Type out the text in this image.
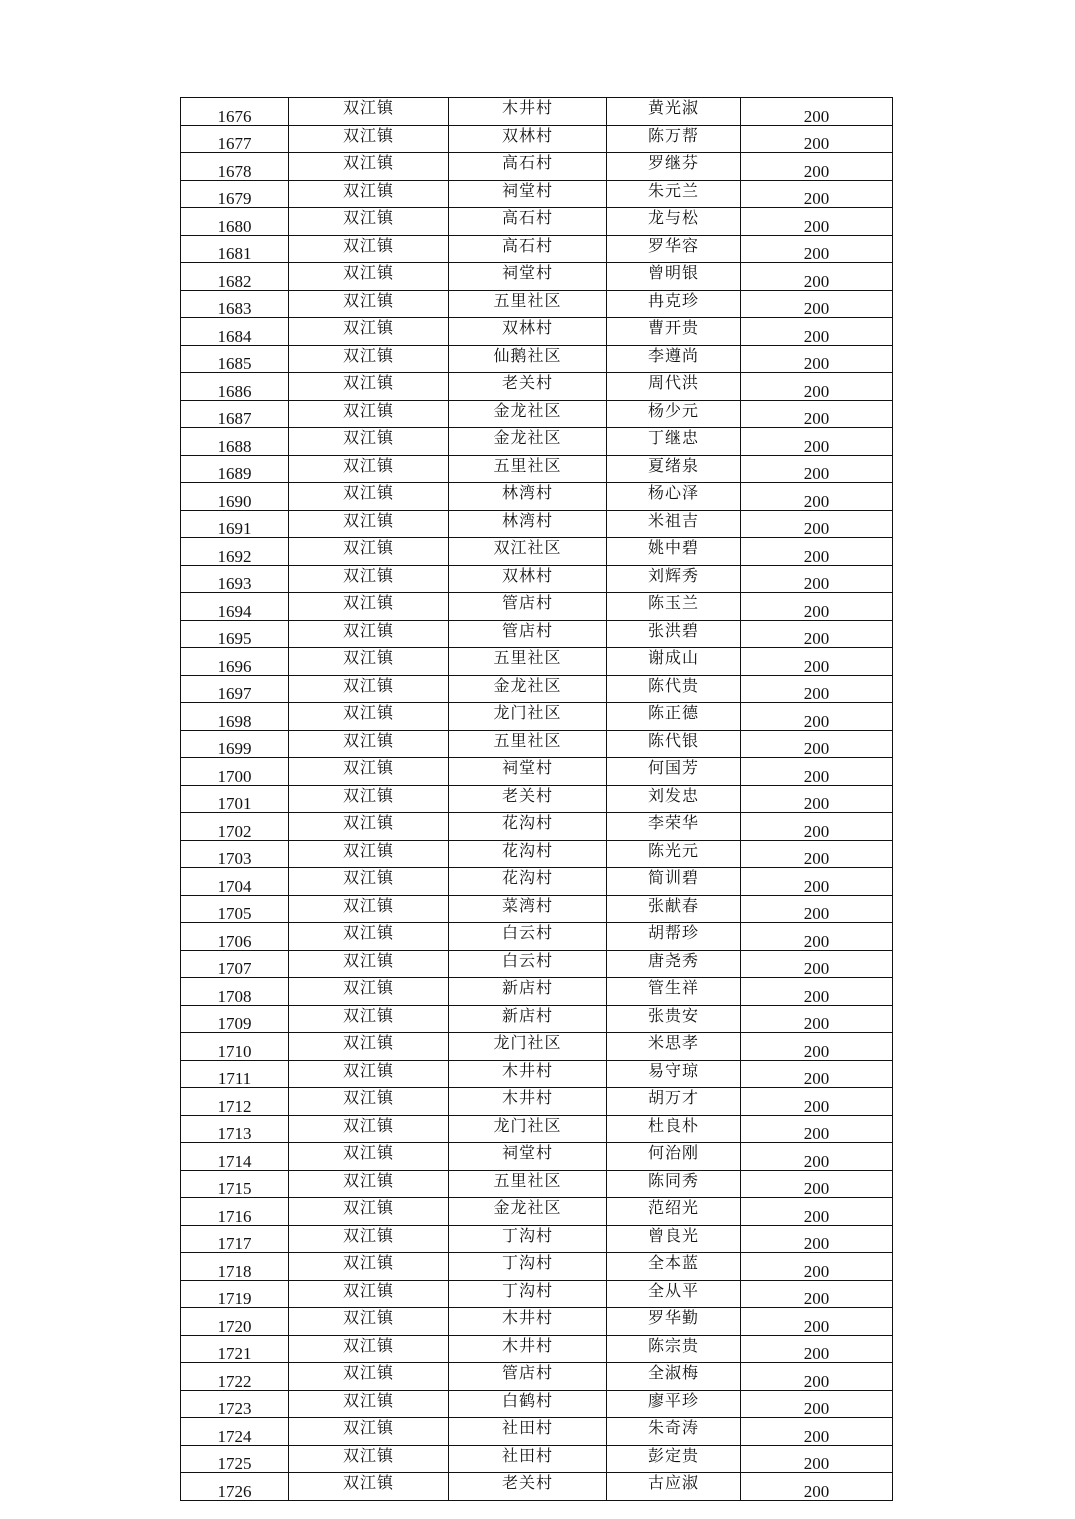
1676	双江镇	木井村	黄光淑	200
1677	双江镇	双林村	陈万帮	200
1678	双江镇	高石村	罗继芬	200
1679	双江镇	祠堂村	朱元兰	200
1680	双江镇	高石村	龙与松	200
1681	双江镇	高石村	罗华容	200
1682	双江镇	祠堂村	曾明银	200
1683	双江镇	五里社区	冉克珍	200
1684	双江镇	双林村	曹开贵	200
1685	双江镇	仙鹅社区	李遵尚	200
1686	双江镇	老关村	周代洪	200
1687	双江镇	金龙社区	杨少元	200
1688	双江镇	金龙社区	丁继忠	200
1689	双江镇	五里社区	夏绪泉	200
1690	双江镇	林湾村	杨心泽	200
1691	双江镇	林湾村	米祖吉	200
1692	双江镇	双江社区	姚中碧	200
1693	双江镇	双林村	刘辉秀	200
1694	双江镇	管店村	陈玉兰	200
1695	双江镇	管店村	张洪碧	200
1696	双江镇	五里社区	谢成山	200
1697	双江镇	金龙社区	陈代贵	200
1698	双江镇	龙门社区	陈正德	200
1699	双江镇	五里社区	陈代银	200
1700	双江镇	祠堂村	何国芳	200
1701	双江镇	老关村	刘发忠	200
1702	双江镇	花沟村	李荣华	200
1703	双江镇	花沟村	陈光元	200
1704	双江镇	花沟村	简训碧	200
1705	双江镇	菜湾村	张献春	200
1706	双江镇	白云村	胡帮珍	200
1707	双江镇	白云村	唐尧秀	200
1708	双江镇	新店村	管生祥	200
1709	双江镇	新店村	张贵安	200
1710	双江镇	龙门社区	米思孝	200
1711	双江镇	木井村	易守琼	200
1712	双江镇	木井村	胡万才	200
1713	双江镇	龙门社区	杜良朴	200
1714	双江镇	祠堂村	何治刚	200
1715	双江镇	五里社区	陈同秀	200
1716	双江镇	金龙社区	范绍光	200
1717	双江镇	丁沟村	曾良光	200
1718	双江镇	丁沟村	全本蓝	200
1719	双江镇	丁沟村	全从平	200
1720	双江镇	木井村	罗华勤	200
1721	双江镇	木井村	陈宗贵	200
1722	双江镇	管店村	全淑梅	200
1723	双江镇	白鹤村	廖平珍	200
1724	双江镇	社田村	朱奇涛	200
1725	双江镇	社田村	彭定贵	200
1726	双江镇	老关村	古应淑	200
